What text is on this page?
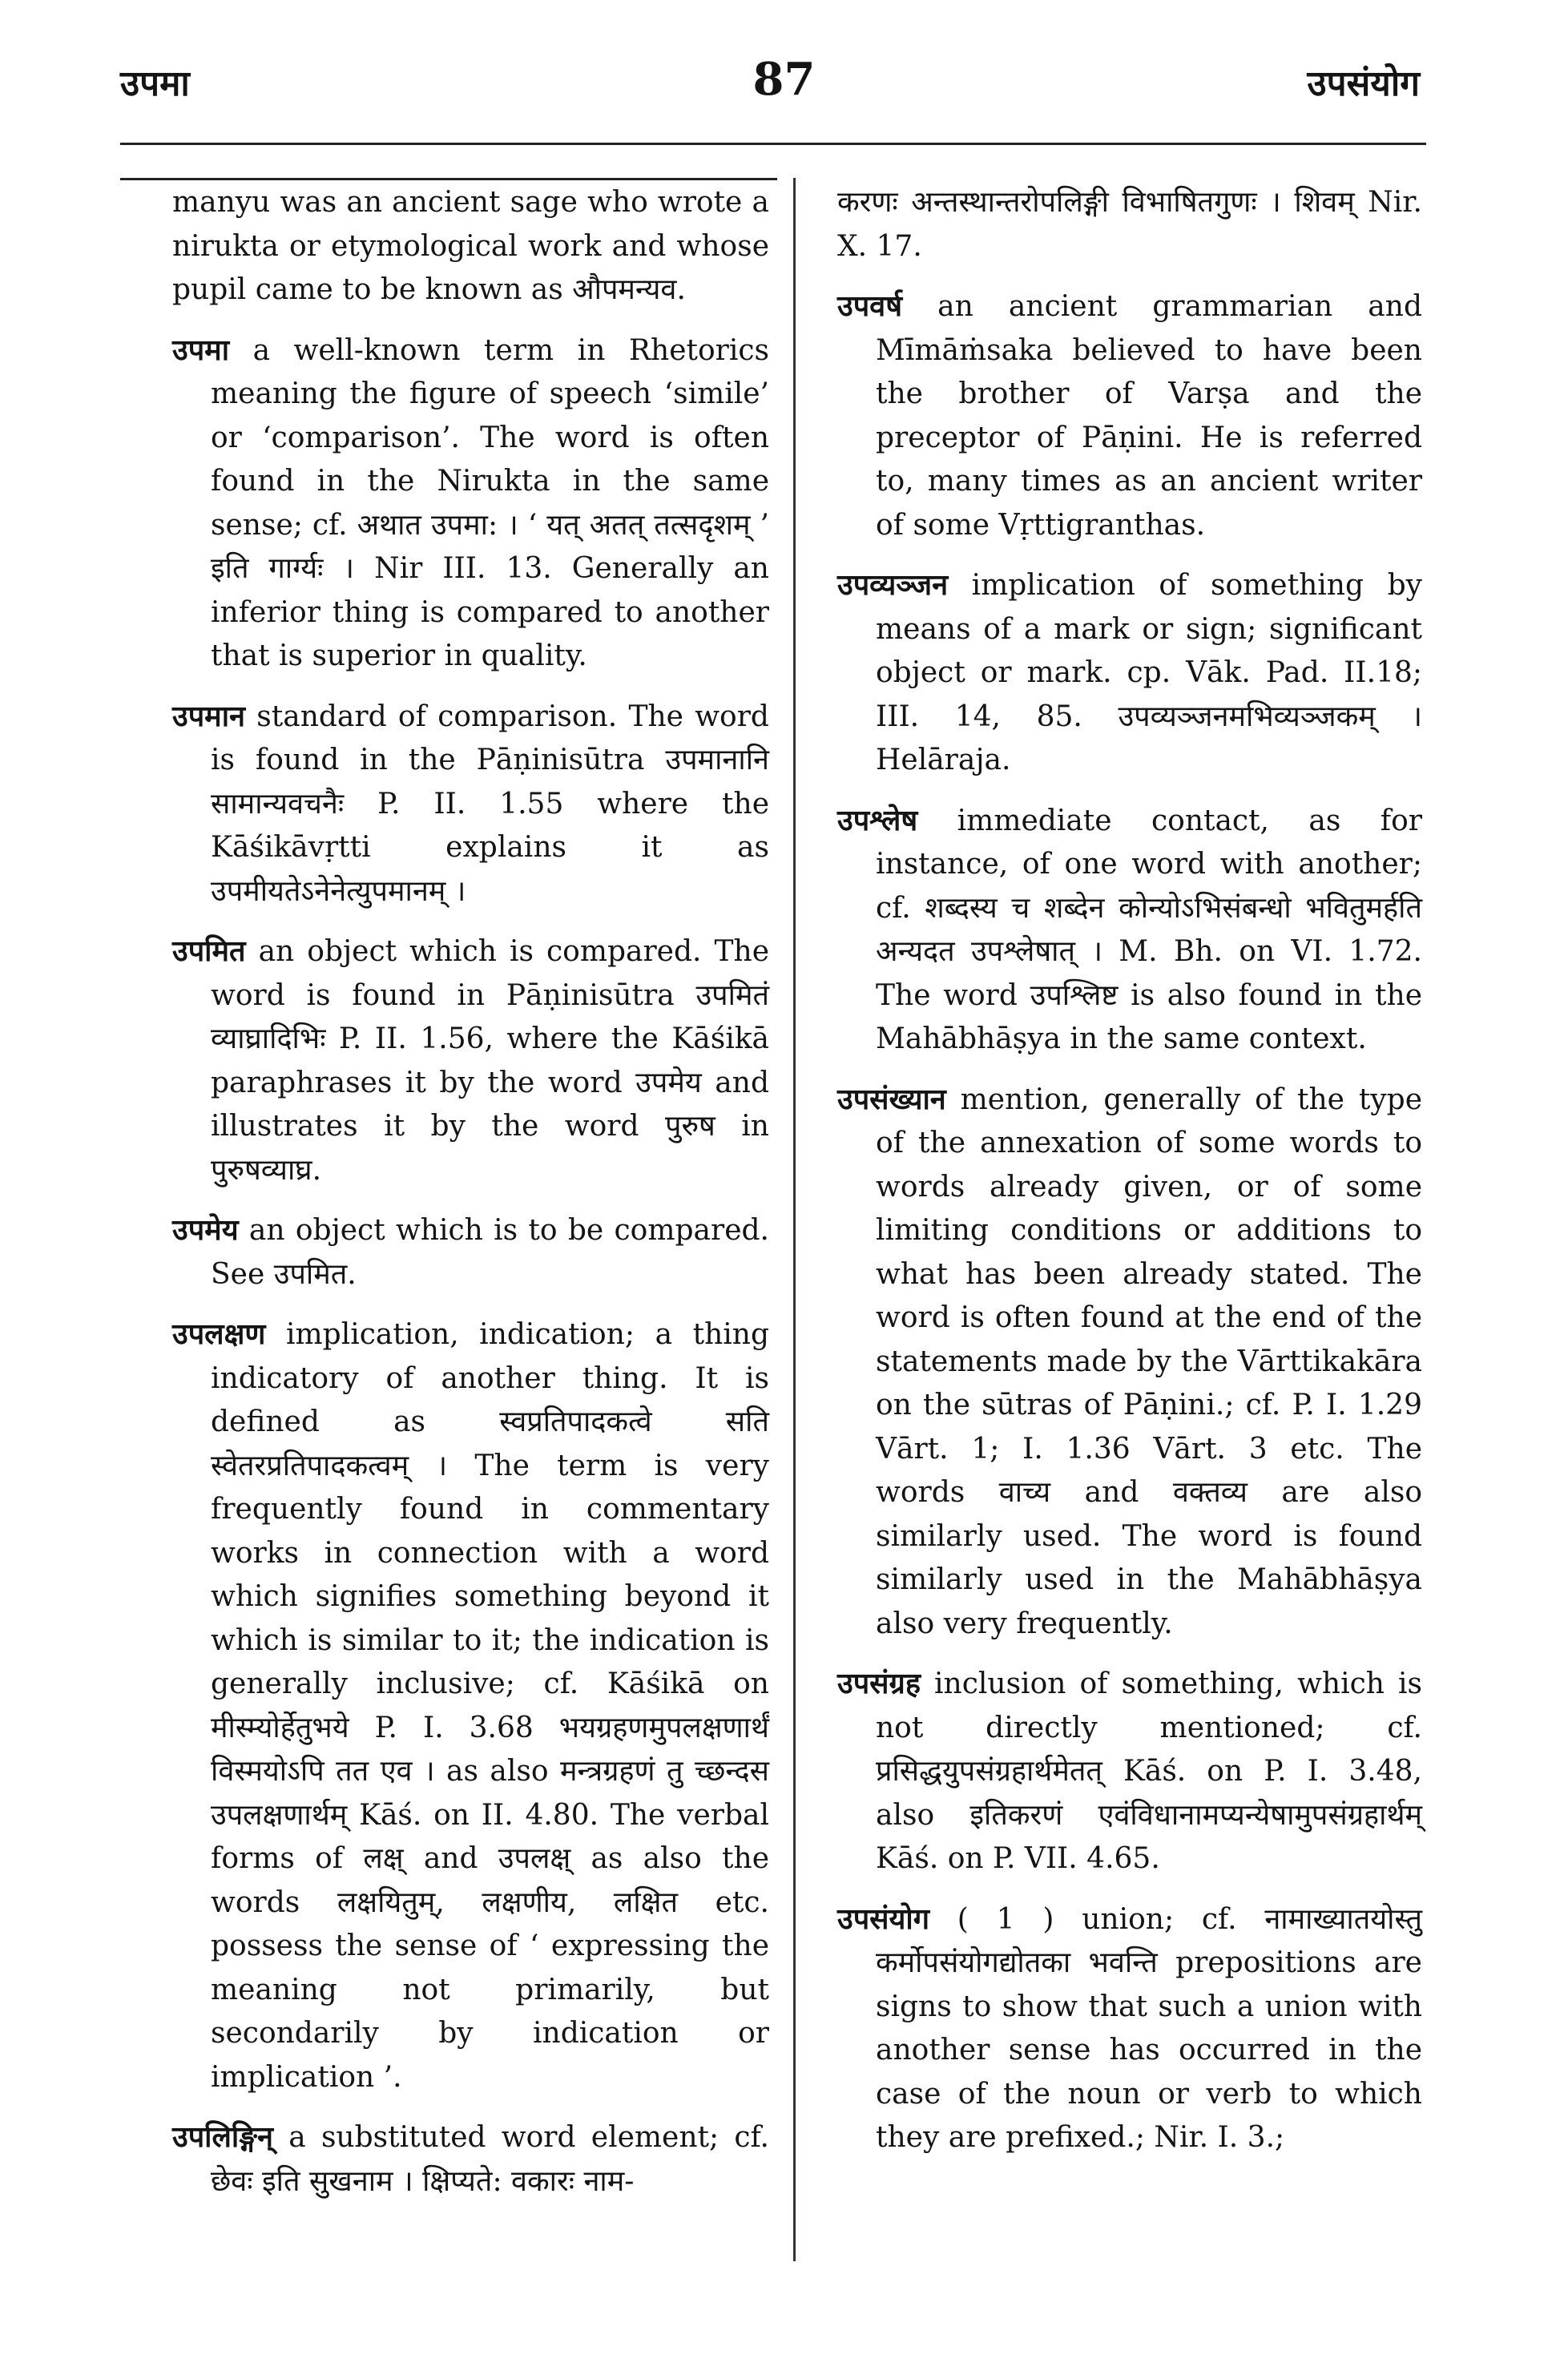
उपमा	87	उपसंयोग

manyu was an ancient sage who wrote a nirukta or etymological work and whose pupil came to be known as औपमन्यव.

उपमा a well-known term in Rhetorics meaning the figure of speech ‘simile’ or ‘comparison’. The word is often found in the Nirukta in the same sense; cf. अथात उपमा: । ‘ यत् अतत् तत्सदृशम् ’ इति गार्ग्यः । Nir III. 13. Generally an inferior thing is compared to another that is superior in quality.

उपमान standard of comparison. The word is found in the Pāṇinisūtra उपमानानि सामान्यवचनैः P. II. 1.55 where the Kāśikāvṛtti explains it as उपमीयतेऽनेनेत्युपमानम् ।

उपमित an object which is compared. The word is found in Pāṇinisūtra उपमितं व्याघ्रादिभिः P. II. 1.56, where the Kāśikā paraphrases it by the word उपमेय and illustrates it by the word पुरुष in पुरुषव्याघ्र.

उपमेय an object which is to be compared. See उपमित.

उपलक्षण implication, indication; a thing indicatory of another thing. It is defined as स्वप्रतिपादकत्वे सति स्वेतरप्रतिपादकत्वम् । The term is very frequently found in commentary works in connection with a word which signifies something beyond it which is similar to it; the indication is generally inclusive; cf. Kāśikā on मीस्म्योर्हेतुभये P. I. 3.68 भयग्रहणमुपलक्षणार्थं विस्मयोऽपि तत एव । as also मन्त्रग्रहणं तु च्छन्दस उपलक्षणार्थम् Kāś. on II. 4.80. The verbal forms of लक्ष् and उपलक्ष् as also the words लक्षयितुम्, लक्षणीय, लक्षित etc. possess the sense of ‘ expressing the meaning not primarily, but secondarily by indication or implication ’.

उपलिङ्गिन् a substituted word element; cf. छेवः इति सुखनाम । क्षिप्यते: वकारः नाम-

करणः अन्तस्थान्तरोपलिङ्गी विभाषितगुणः । शिवम् Nir. X. 17.

उपवर्ष an ancient grammarian and Mīmāṁsaka believed to have been the brother of Varṣa and the preceptor of Pāṇini. He is referred to, many times as an ancient writer of some Vṛttigranthas.

उपव्यञ्जन implication of something by means of a mark or sign; significant object or mark. cp. Vāk. Pad. II.18; III. 14, 85. उपव्यञ्जनमभिव्यञ्जकम् । Helāraja.

उपश्लेष immediate contact, as for instance, of one word with another; cf. शब्दस्य च शब्देन कोन्योऽभिसंबन्धो भवितुमर्हति अन्यदत उपश्लेषात् । M. Bh. on VI. 1.72. The word उपश्लिष्ट is also found in the Mahābhāṣya in the same context.

उपसंख्यान mention, generally of the type of the annexation of some words to words already given, or of some limiting conditions or additions to what has been already stated. The word is often found at the end of the statements made by the Vārttikakāra on the sūtras of Pāṇini.; cf. P. I. 1.29 Vārt. 1; I. 1.36 Vārt. 3 etc. The words वाच्य and वक्तव्य are also similarly used. The word is found similarly used in the Mahābhāṣya also very frequently.

उपसंग्रह inclusion of something, which is not directly mentioned; cf. प्रसिद्धयुपसंग्रहार्थमेतत् Kāś. on P. I. 3.48, also इतिकरणं एवंविधानामप्यन्येषामुपसंग्रहार्थम् Kāś. on P. VII. 4.65.

उपसंयोग ( 1 ) union; cf. नामाख्यातयोस्तु कर्मोपसंयोगद्योतका भवन्ति prepositions are signs to show that such a union with another sense has occurred in the case of the noun or verb to which they are prefixed.; Nir. I. 3.;
